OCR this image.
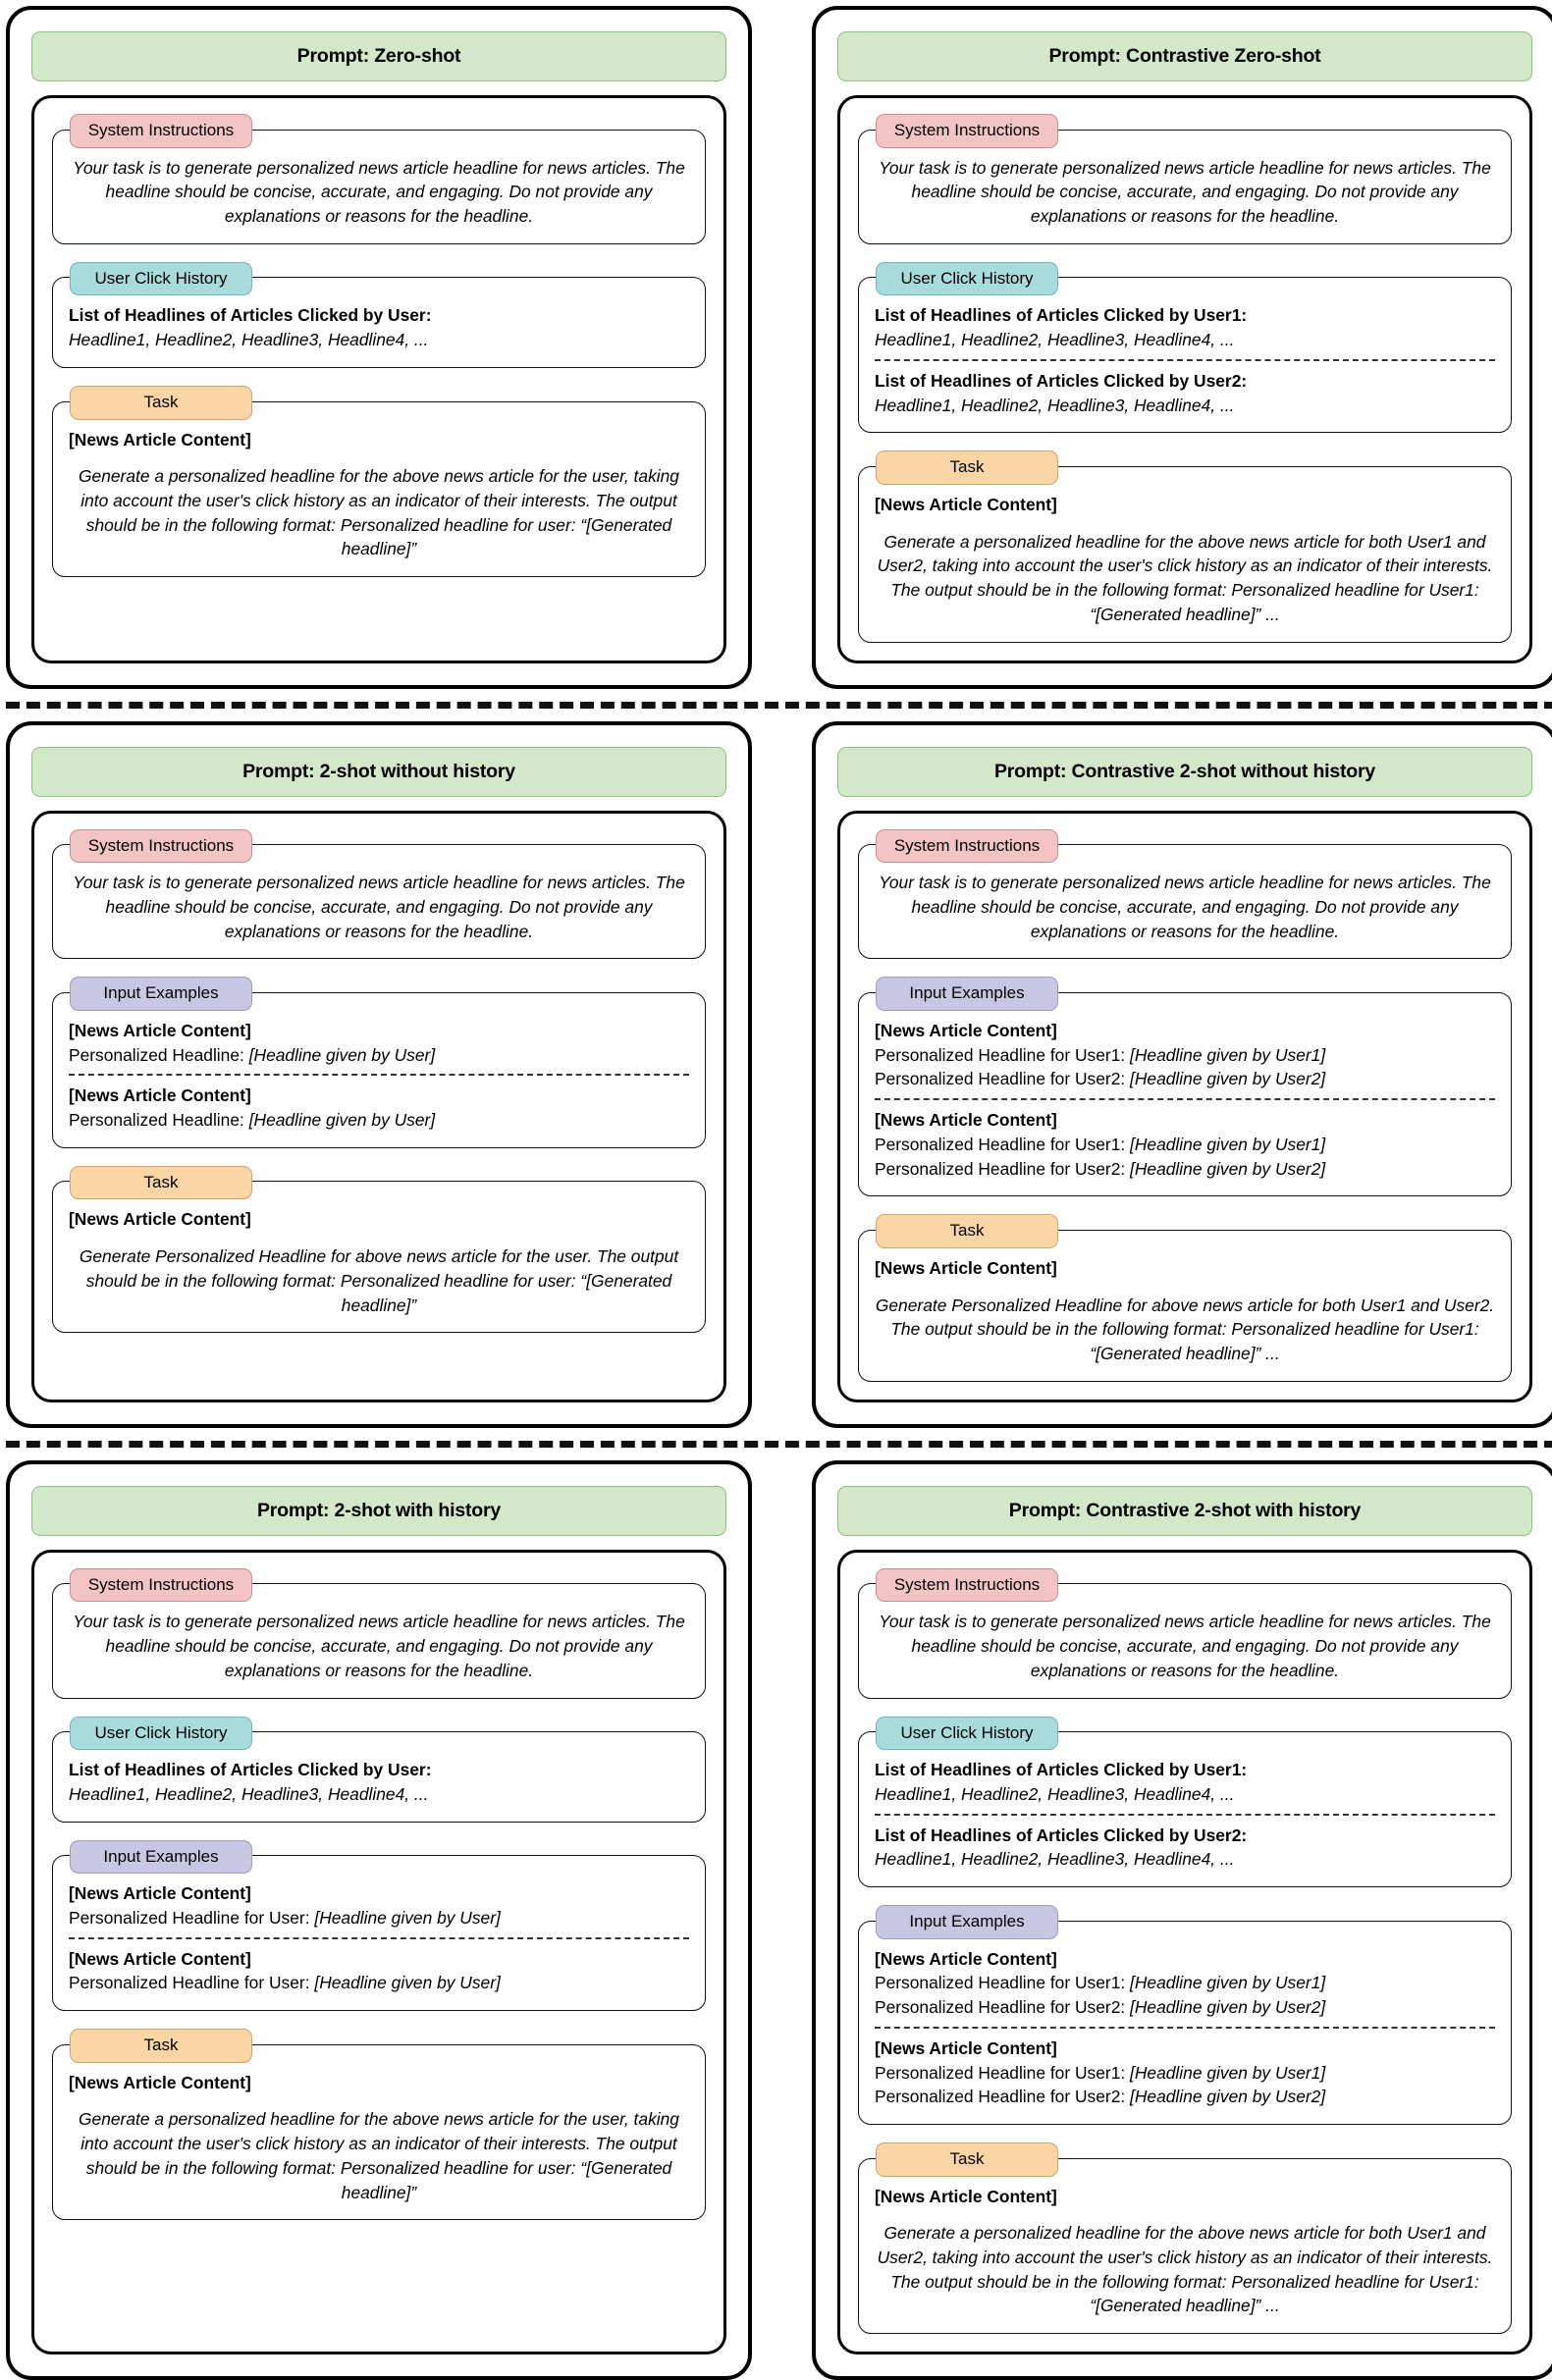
Prompt: Zero-shot
System Instructions
Your task is to generate personalized news article headline for news articles. The headline should be concise, accurate, and engaging. Do not provide any explanations or reasons for the headline.
User Click History
List of Headlines of Articles Clicked by User:
Headline1, Headline2, Headline3, Headline4, ...
Task
[News Article Content]
Generate a personalized headline for the above news article for the user, taking into account the user's click history as an indicator of their interests. The output should be in the following format: Personalized headline for user: “[Generated headline]”
Prompt: Contrastive Zero-shot
System Instructions
Your task is to generate personalized news article headline for news articles. The headline should be concise, accurate, and engaging. Do not provide any explanations or reasons for the headline.
User Click History
List of Headlines of Articles Clicked by User1:
Headline1, Headline2, Headline3, Headline4, ...
List of Headlines of Articles Clicked by User2:
Headline1, Headline2, Headline3, Headline4, ...
Task
[News Article Content]
Generate a personalized headline for the above news article for both User1 and User2, taking into account the user's click history as an indicator of their interests. The output should be in the following format: Personalized headline for User1: “[Generated headline]” ...
Prompt: 2-shot without history
System Instructions
Your task is to generate personalized news article headline for news articles. The headline should be concise, accurate, and engaging. Do not provide any explanations or reasons for the headline.
Input Examples
[News Article Content]
Personalized Headline: [Headline given by User]
[News Article Content]
Personalized Headline: [Headline given by User]
Task
[News Article Content]
Generate Personalized Headline for above news article for the user. The output should be in the following format: Personalized headline for user: “[Generated headline]”
Prompt: Contrastive 2-shot without history
System Instructions
Your task is to generate personalized news article headline for news articles. The headline should be concise, accurate, and engaging. Do not provide any explanations or reasons for the headline.
Input Examples
[News Article Content]
Personalized Headline for User1: [Headline given by User1]
Personalized Headline for User2: [Headline given by User2]
[News Article Content]
Personalized Headline for User1: [Headline given by User1]
Personalized Headline for User2: [Headline given by User2]
Task
[News Article Content]
Generate Personalized Headline for above news article for both User1 and User2. The output should be in the following format: Personalized headline for User1: “[Generated headline]” ...
Prompt: 2-shot with history
System Instructions
Your task is to generate personalized news article headline for news articles. The headline should be concise, accurate, and engaging. Do not provide any explanations or reasons for the headline.
User Click History
List of Headlines of Articles Clicked by User:
Headline1, Headline2, Headline3, Headline4, ...
Input Examples
[News Article Content]
Personalized Headline for User: [Headline given by User]
[News Article Content]
Personalized Headline for User: [Headline given by User]
Task
[News Article Content]
Generate a personalized headline for the above news article for the user, taking into account the user's click history as an indicator of their interests. The output should be in the following format: Personalized headline for user: “[Generated headline]”
Prompt: Contrastive 2-shot with history
System Instructions
Your task is to generate personalized news article headline for news articles. The headline should be concise, accurate, and engaging. Do not provide any explanations or reasons for the headline.
User Click History
List of Headlines of Articles Clicked by User1:
Headline1, Headline2, Headline3, Headline4, ...
List of Headlines of Articles Clicked by User2:
Headline1, Headline2, Headline3, Headline4, ...
Input Examples
[News Article Content]
Personalized Headline for User1: [Headline given by User1]
Personalized Headline for User2: [Headline given by User2]
[News Article Content]
Personalized Headline for User1: [Headline given by User1]
Personalized Headline for User2: [Headline given by User2]
Task
[News Article Content]
Generate a personalized headline for the above news article for both User1 and User2, taking into account the user's click history as an indicator of their interests. The output should be in the following format: Personalized headline for User1: “[Generated headline]” ...
